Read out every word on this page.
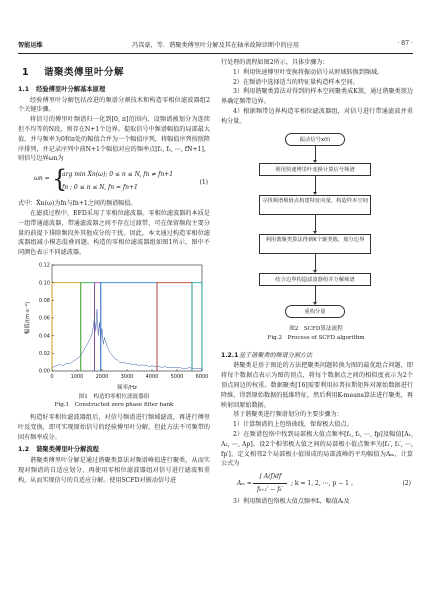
智能运维	冯嵩豪，等．谐聚类傅里叶分解及其在轴承故障诊断中的应用	· 87 ·
1 谐聚类傅里叶分解
1.1 经验傅里叶分解基本原理

经验傅里叶分解包括改进的频谱分割技术和构造零相位滤波器组2个关键步骤。

将信号的傅里叶频谱归一化到[0, π]范围内，设频谱被划分为连续但不均等的N段，则存在N+1个边界。提取信号中频谱幅值的局部最大值，并与频率为0和π处的幅值合并为一个幅值序列，将幅值序列按照降序排列，并记录序列中前N+1个幅值对应的频率点[f₁, f₂, ⋯, fN+1]，则信号边界ωn为

ωn = {
arg min X̂n(ω); 0 ≤ n ≤ N, fn ≠ fn+1
fn ; 0 ≤ n ≤ N, fn = fn+1
(1)

式中：X̂n(ω)为fn与fn+1之间的频谱幅值。

在滤波过程中，EFD采用了零相位滤波器。零相位滤波器的本质是一组带通滤波器，带通滤波器之间不存在过渡带，可在保留频段主要分量的前提下排除频段外其他成分的干扰。因此，本文通过构造零相位滤波器组减小模态混叠问题。构造的零相位滤波器组如图1所示，图中不同颜色表示不同滤波器。

0	1000 2000 3000 4000 5000 6000
0.00
0.02
0.04
0.06
0.08
0.10
0.12
频率/Hz
幅值/(m·s⁻²)
图1　构造的零相位滤波器组
Fig.1　Constructed zero phase filter bank

构造好零相位滤波器组后，对信号频谱进行频域滤波，再进行傅里叶反变换，即可实现原始信号的经验傅里叶分解，但此方法不可频带的固有频率成分。

1.2 谐聚类傅里叶分解流程

谐聚类傅里叶分解是通过谐聚类算法对频谱峰值进行聚类，从而实现对频谱的自适应划分，再使用零相位滤波器组对信号进行滤波和重构，从而实现信号的自适应分解。使用SCFD对振动信号进

行处理的流程如图2所示，具体步骤为：

1）利用快速傅里叶变换将振动信号从时域转换到频域。

2）在频谱中选择适当的特征量构造样本空间。

3）利用谐聚类算法对得到的样本空间聚类成K簇，通过谐聚类簇边界确定频带边界。

4）根据频带边界构造零相位滤波器组，对信号进行带通滤波并重构分量。

振动信号x(t)
利用快速傅里叶变换计算信号频谱
寻找频谱极值点构建特征向量，构造样本空间
利用谐聚类算法得到K个聚类簇，划分边界
结合边界构造滤波器组并分解频谱
重构分量
图2　SCFD算法流程
Fig.2　Process of SCFD algorithm
1.2.1基于谐聚类的频谱分割方法

谐聚类是基于图论的方法把聚类问题转换为图的最优组合问题，即将每个数据点表示为图的顶点，将每个数据点之间的相似度表示为2个顶点间边的权重。数据聚类[16]需要利用拉普拉斯矩阵对原始数据进行降维，得到原始数据的低维特征，然后利用K-means算法进行聚类，再映射回原始数据。

基于谐聚类进行频谱划分的主要步骤为：

1）计算频谱的上包络曲线，保留极大值点。

2）在频谱包络中找到局部极大值点频率[f₁, f₂, ⋯, fp]及幅值[A₁, A₂, ⋯, Ap]。设2个相邻极大值之间的局部极小值点频率为[f₁′, f₂′, ⋯, fp′]，定义相邻2个局部极小值围成的局部波峰的平均幅值为Aₘ，计算公式为

Aₘ =
∫ A(f)df
fₖ₊₁′ − fₖ′
; k = 1, 2, ⋯, p − 1 。	(2)

3）利用频谱包络极大值点频率fᵢ，幅值Aᵢ及
